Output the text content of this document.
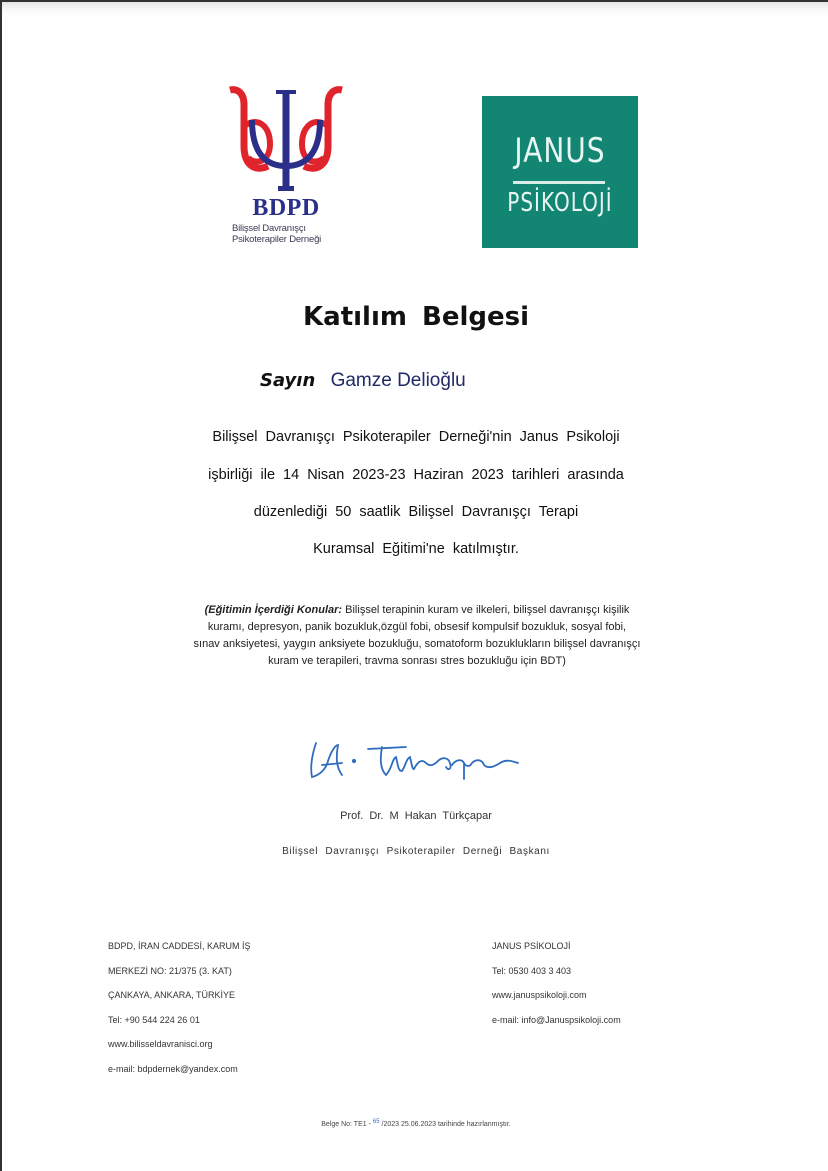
BDPD
Bilişsel Davranışçı
Psikoterapiler Derneği
JANUS
PSİKOLOJİ
Katılım Belgesi
Sayın Gamze Delioğlu
Bilişsel Davranışçı Psikoterapiler Derneği'nin Janus Psikoloji
işbirliği ile 14 Nisan 2023-23 Haziran 2023 tarihleri arasında
düzenlediği 50 saatlik Bilişsel Davranışçı Terapi
Kuramsal Eğitimi'ne katılmıştır.
(Eğitimin İçerdiği Konular: Bilişsel terapinin kuram ve ilkeleri, bilişsel davranışçı kişilik
kuramı, depresyon, panik bozukluk,özgül fobi, obsesif kompulsif bozukluk, sosyal fobi,
sınav anksiyetesi, yaygın anksiyete bozukluğu, somatoform bozuklukların bilişsel davranışçı
kuram ve terapileri, travma sonrası stres bozukluğu için BDT)
Prof. Dr. M Hakan Türkçapar
Bilişsel Davranışçı Psikoterapiler Derneği Başkanı
BDPD, İRAN CADDESİ, KARUM İŞ
MERKEZİ NO: 21/375 (3. KAT)
ÇANKAYA, ANKARA, TÜRKİYE
Tel: +90 544 224 26 01
www.bilisseldavranisci.org
e-mail: bdpdernek@yandex.com
JANUS PSİKOLOJİ
Tel: 0530 403 3 403
www.januspsikoloji.com
e-mail: info@Januspsikoloji.com
Belge No: TE1 - 65 /2023 25.06.2023 tarihinde hazırlanmıştır.
